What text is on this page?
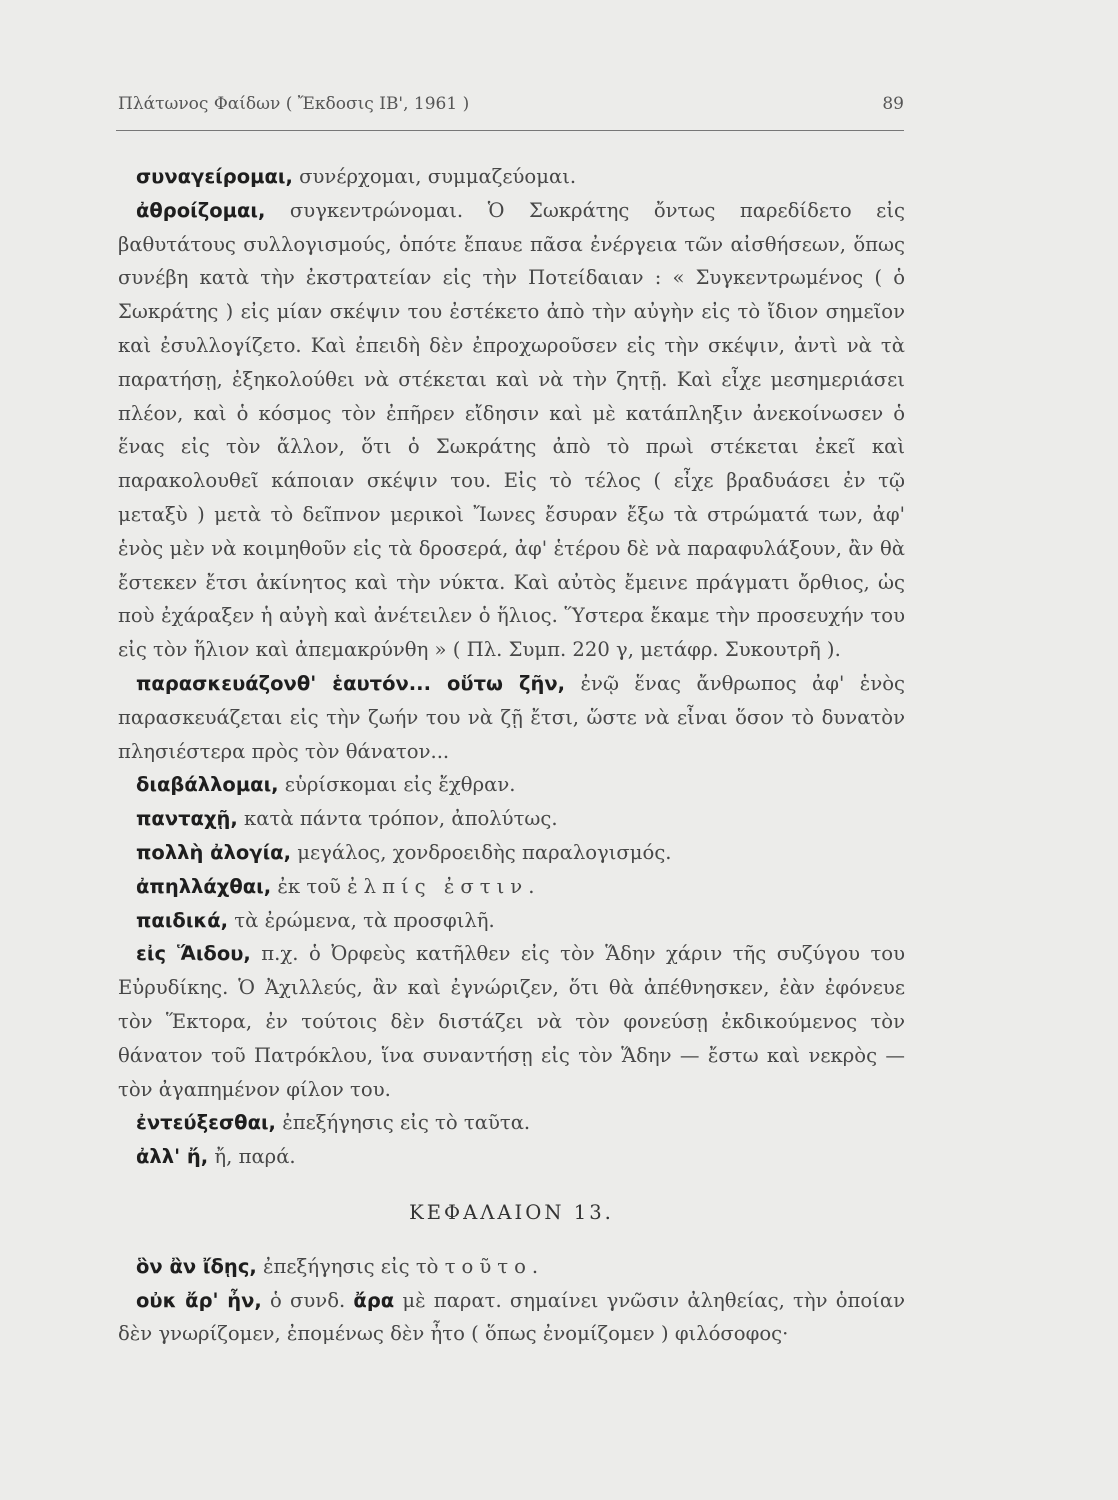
Πλάτωνος Φαίδων ( Ἔκδοσις ΙΒ', 1961 )	89

συναγείρομαι, συνέρχομαι, συμμαζεύομαι.

ἀθροίζομαι, συγκεντρώνομαι. Ὁ Σωκράτης ὄντως παρεδίδετο εἰς βαθυτάτους συλλογισμούς, ὁπότε ἔπαυε πᾶσα ἐνέργεια τῶν αἰσθήσεων, ὅπως συνέβη κατὰ τὴν ἐκστρατείαν εἰς τὴν Ποτείδαιαν : « Συγκεντρωμένος ( ὁ Σωκράτης ) εἰς μίαν σκέψιν του ἐστέκετο ἀπὸ τὴν αὐγὴν εἰς τὸ ἴδιον σημεῖον καὶ ἐσυλλογίζετο. Καὶ ἐπειδὴ δὲν ἐπροχωροῦσεν εἰς τὴν σκέψιν, ἀντὶ νὰ τὰ παρατήσῃ, ἐξηκολούθει νὰ στέκεται καὶ νὰ τὴν ζητῇ. Καὶ εἶχε μεσημεριάσει πλέον, καὶ ὁ κόσμος τὸν ἐπῆρεν εἴδησιν καὶ μὲ κατάπληξιν ἀνεκοίνωσεν ὁ ἕνας εἰς τὸν ἄλλον, ὅτι ὁ Σωκράτης ἀπὸ τὸ πρωὶ στέκεται ἐκεῖ καὶ παρακολουθεῖ κάποιαν σκέψιν του. Εἰς τὸ τέλος ( εἶχε βραδυάσει ἐν τῷ μεταξὺ ) μετὰ τὸ δεῖπνον μερικοὶ Ἴωνες ἔσυραν ἔξω τὰ στρώματά των, ἀφ' ἑνὸς μὲν νὰ κοιμηθοῦν εἰς τὰ δροσερά, ἀφ' ἑτέρου δὲ νὰ παραφυλάξουν, ἂν θὰ ἔστεκεν ἔτσι ἀκίνητος καὶ τὴν νύκτα. Καὶ αὐτὸς ἔμεινε πράγματι ὄρθιος, ὡς ποὺ ἐχάραξεν ἡ αὐγὴ καὶ ἀνέτειλεν ὁ ἥλιος. Ὕστερα ἔκαμε τὴν προσευχήν του εἰς τὸν ἥλιον καὶ ἀπεμακρύνθη » ( Πλ. Συμπ. 220 γ, μετάφρ. Συκουτρῆ ).

παρασκευάζονθ' ἑαυτόν... οὕτω ζῆν, ἐνῷ ἕνας ἄνθρωπος ἀφ' ἑνὸς παρασκευάζεται εἰς τὴν ζωήν του νὰ ζῇ ἔτσι, ὥστε νὰ εἶναι ὅσον τὸ δυνατὸν πλησιέστερα πρὸς τὸν θάνατον...

διαβάλλομαι, εὑρίσκομαι εἰς ἔχθραν.

πανταχῇ, κατὰ πάντα τρόπον, ἀπολύτως.

πολλὴ ἀλογία, μεγάλος, χονδροειδὴς παραλογισμός.

ἀπηλλάχθαι, ἐκ τοῦ ἐλπίς ἐστιν.

παιδικά, τὰ ἐρώμενα, τὰ προσφιλῆ.

εἰς Ἅιδου, π.χ. ὁ Ὀρφεὺς κατῆλθεν εἰς τὸν Ἅδην χάριν τῆς συζύγου του Εὐρυδίκης. Ὁ Ἀχιλλεύς, ἂν καὶ ἐγνώριζεν, ὅτι θὰ ἀπέθνησκεν, ἐὰν ἐφόνευε τὸν Ἕκτορα, ἐν τούτοις δὲν διστάζει νὰ τὸν φονεύσῃ ἐκδικούμενος τὸν θάνατον τοῦ Πατρόκλου, ἵνα συναντήσῃ εἰς τὸν Ἅδην — ἔστω καὶ νεκρὸς — τὸν ἀγαπημένον φίλον του.

ἐντεύξεσθαι, ἐπεξήγησις εἰς τὸ ταῦτα.

ἀλλ' ἤ, ἤ, παρά.

ΚΕΦΑΛΑΙΟΝ 13.

ὃν ἂν ἴδῃς, ἐπεξήγησις εἰς τὸ τοῦτο.

οὐκ ἄρ' ἦν, ὁ συνδ. ἄρα μὲ παρατ. σημαίνει γνῶσιν ἀληθείας, τὴν ὁποίαν δὲν γνωρίζομεν, ἐπομένως δὲν ἦτο ( ὅπως ἐνομίζομεν ) φιλόσοφος·
